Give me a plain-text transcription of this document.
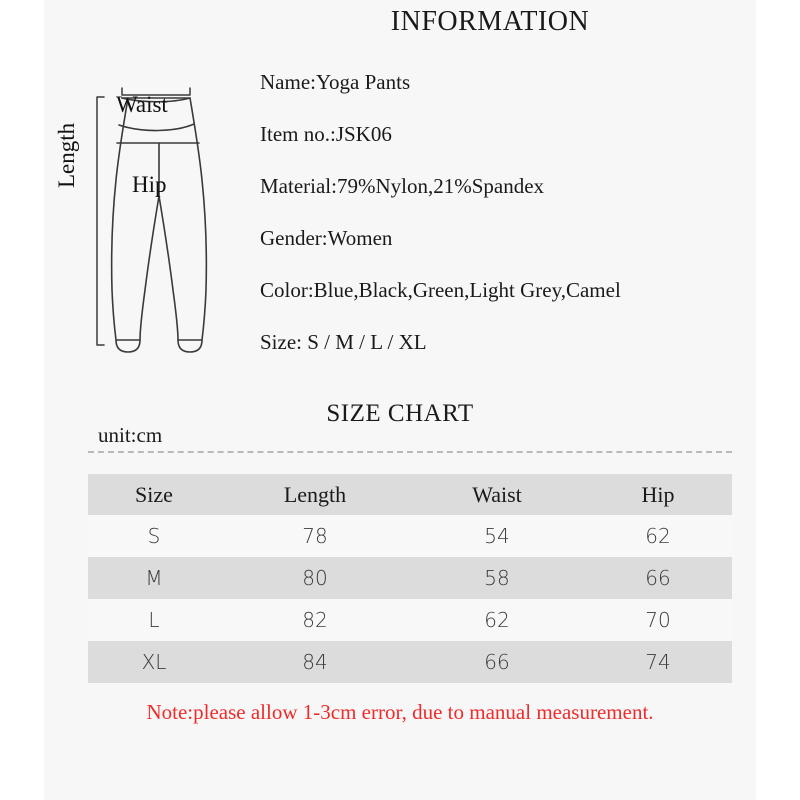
Waist
Hip
Length
INFORMATION
Name:Yoga Pants
Item no.:JSK06
Material:79%Nylon,21%Spandex
Gender:Women
Color:Blue,Black,Green,Light Grey,Camel
Size: S / M / L / XL
SIZE CHART
unit:cm
Size	Length	Waist	Hip
S	78	54	62
M	80	58	66
L	82	62	70
XL	84	66	74
Note:please allow 1-3cm error, due to manual measurement.
